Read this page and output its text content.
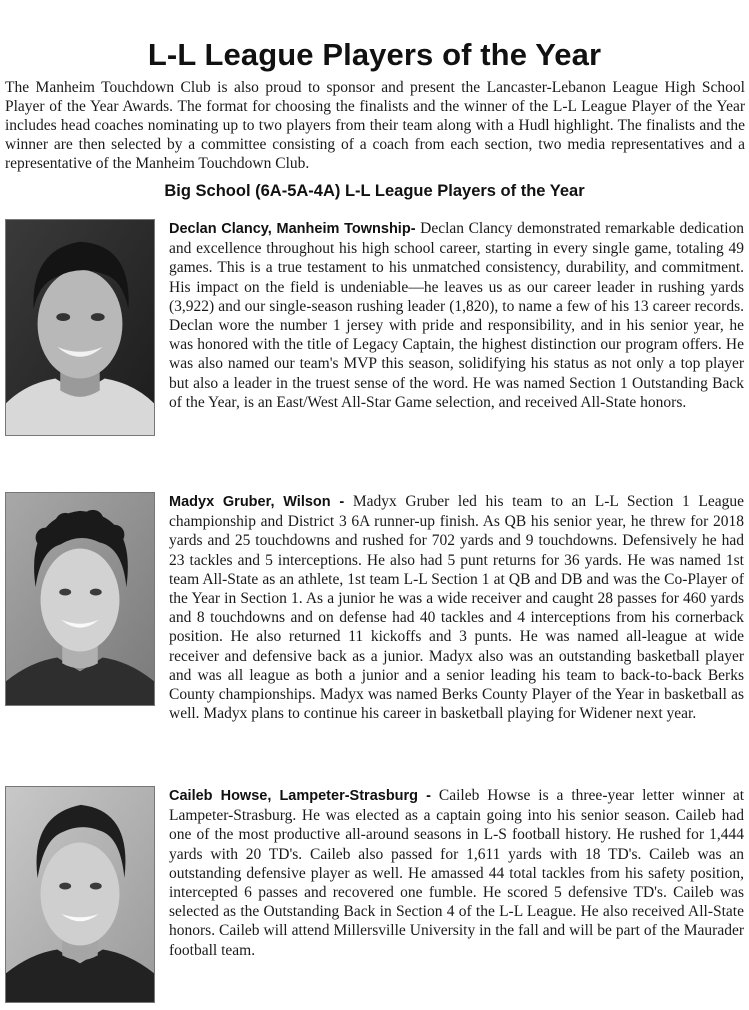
L-L League Players of the Year
The Manheim Touchdown Club is also proud to sponsor and present the Lancaster-Lebanon League High School Player of the Year Awards. The format for choosing the finalists and the winner of the L-L League Player of the Year includes head coaches nominating up to two players from their team along with a Hudl highlight. The finalists and the winner are then selected by a committee consisting of a coach from each section, two media representatives and a representative of the Manheim Touchdown Club.
Big School (6A-5A-4A) L-L League Players of the Year
Declan Clancy, Manheim Township- Declan Clancy demonstrated remarkable dedication and excellence throughout his high school career, starting in every single game, totaling 49 games. This is a true testament to his unmatched consistency, durability, and commitment. His impact on the field is undeniable—he leaves us as our career leader in rushing yards (3,922) and our single-season rushing leader (1,820), to name a few of his 13 career records. Declan wore the number 1 jersey with pride and responsibility, and in his senior year, he was honored with the title of Legacy Captain, the highest distinction our program offers. He was also named our team's MVP this season, solidifying his status as not only a top player but also a leader in the truest sense of the word. He was named Section 1 Outstanding Back of the Year, is an East/West All-Star Game selection, and received All-State honors.
Madyx Gruber, Wilson - Madyx Gruber led his team to an L-L Section 1 League championship and District 3 6A runner-up finish. As QB his senior year, he threw for 2018 yards and 25 touchdowns and rushed for 702 yards and 9 touchdowns. Defensively he had 23 tackles and 5 interceptions. He also had 5 punt returns for 36 yards. He was named 1st team All-State as an athlete, 1st team L-L Section 1 at QB and DB and was the Co-Player of the Year in Section 1. As a junior he was a wide receiver and caught 28 passes for 460 yards and 8 touchdowns and on defense had 40 tackles and 4 interceptions from his cornerback position. He also returned 11 kickoffs and 3 punts. He was named all-league at wide receiver and defensive back as a junior. Madyx also was an outstanding basketball player and was all league as both a junior and a senior leading his team to back-to-back Berks County championships. Madyx was named Berks County Player of the Year in basketball as well. Madyx plans to continue his career in basketball playing for Widener next year.
Caileb Howse, Lampeter-Strasburg - Caileb Howse is a three-year letter winner at Lampeter-Strasburg. He was elected as a captain going into his senior season. Caileb had one of the most productive all-around seasons in L-S football history. He rushed for 1,444 yards with 20 TD's. Caileb also passed for 1,611 yards with 18 TD's. Caileb was an outstanding defensive player as well. He amassed 44 total tackles from his safety position, intercepted 6 passes and recovered one fumble. He scored 5 defensive TD's. Caileb was selected as the Outstanding Back in Section 4 of the L-L League. He also received All-State honors. Caileb will attend Millersville University in the fall and will be part of the Maurader football team.
